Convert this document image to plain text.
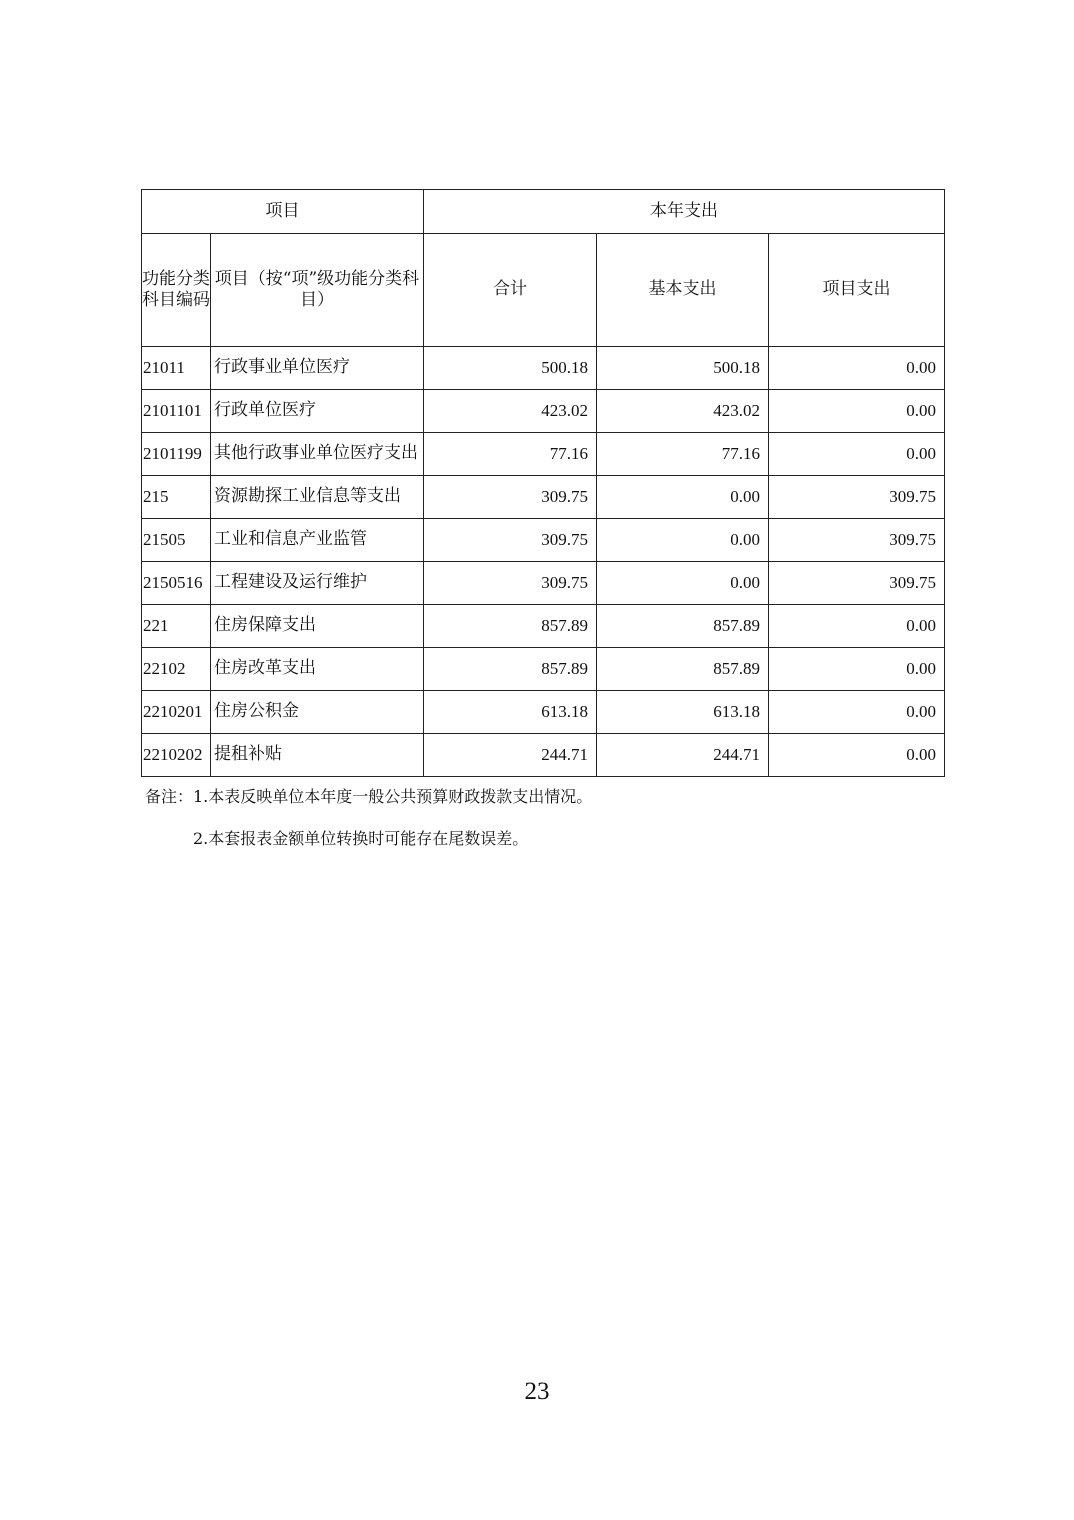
项目		本年支出		
功能分类科目编码	项目（按“项”级功能分类科目）	合计	基本支出	项目支出
21011	行政事业单位医疗	500.18	500.18	0.00
2101101	行政单位医疗	423.02	423.02	0.00
2101199	其他行政事业单位医疗支出	77.16	77.16	0.00
215	资源勘探工业信息等支出	309.75	0.00	309.75
21505	工业和信息产业监管	309.75	0.00	309.75
2150516	工程建设及运行维护	309.75	0.00	309.75
221	住房保障支出	857.89	857.89	0.00
22102	住房改革支出	857.89	857.89	0.00
2210201	住房公积金	613.18	613.18	0.00
2210202	提租补贴	244.71	244.71	0.00
备注：1.本表反映单位本年度一般公共预算财政拨款支出情况。
2.本套报表金额单位转换时可能存在尾数误差。
23
